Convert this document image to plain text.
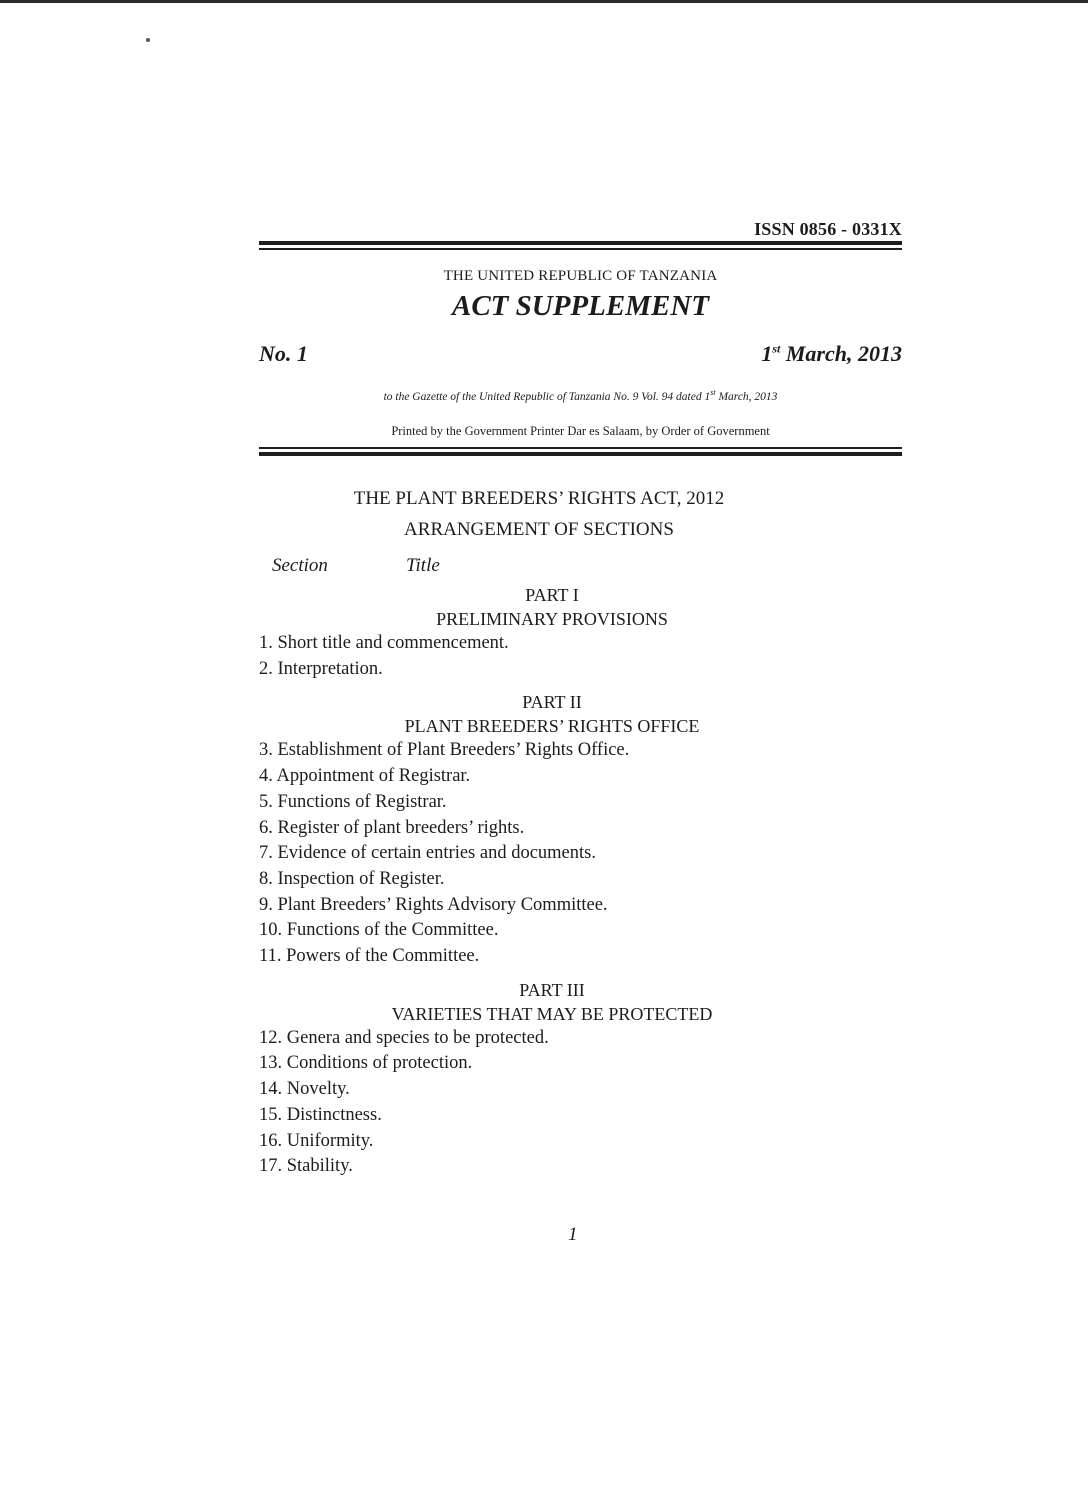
ISSN 0856 - 0331X
THE UNITED REPUBLIC OF TANZANIA
ACT SUPPLEMENT
No. 1	1st March, 2013
to the Gazette of the United Republic of Tanzania No. 9 Vol. 94 dated 1st March, 2013
Printed by the Government Printer Dar es Salaam, by Order of Government
THE PLANT BREEDERS’ RIGHTS ACT, 2012
ARRANGEMENT OF SECTIONS
Section	Title
PART I
PRELIMINARY PROVISIONS
1. Short title and commencement.
2. Interpretation.
PART II
PLANT BREEDERS’ RIGHTS OFFICE
3. Establishment of Plant Breeders’ Rights Office.
4. Appointment of Registrar.
5. Functions of Registrar.
6. Register of plant breeders’ rights.
7. Evidence of certain entries and documents.
8. Inspection of Register.
9. Plant Breeders’ Rights Advisory Committee.
10. Functions of the Committee.
11. Powers of the Committee.
PART III
VARIETIES THAT MAY BE PROTECTED
12. Genera and species to be protected.
13. Conditions of protection.
14. Novelty.
15. Distinctness.
16. Uniformity.
17. Stability.
1
